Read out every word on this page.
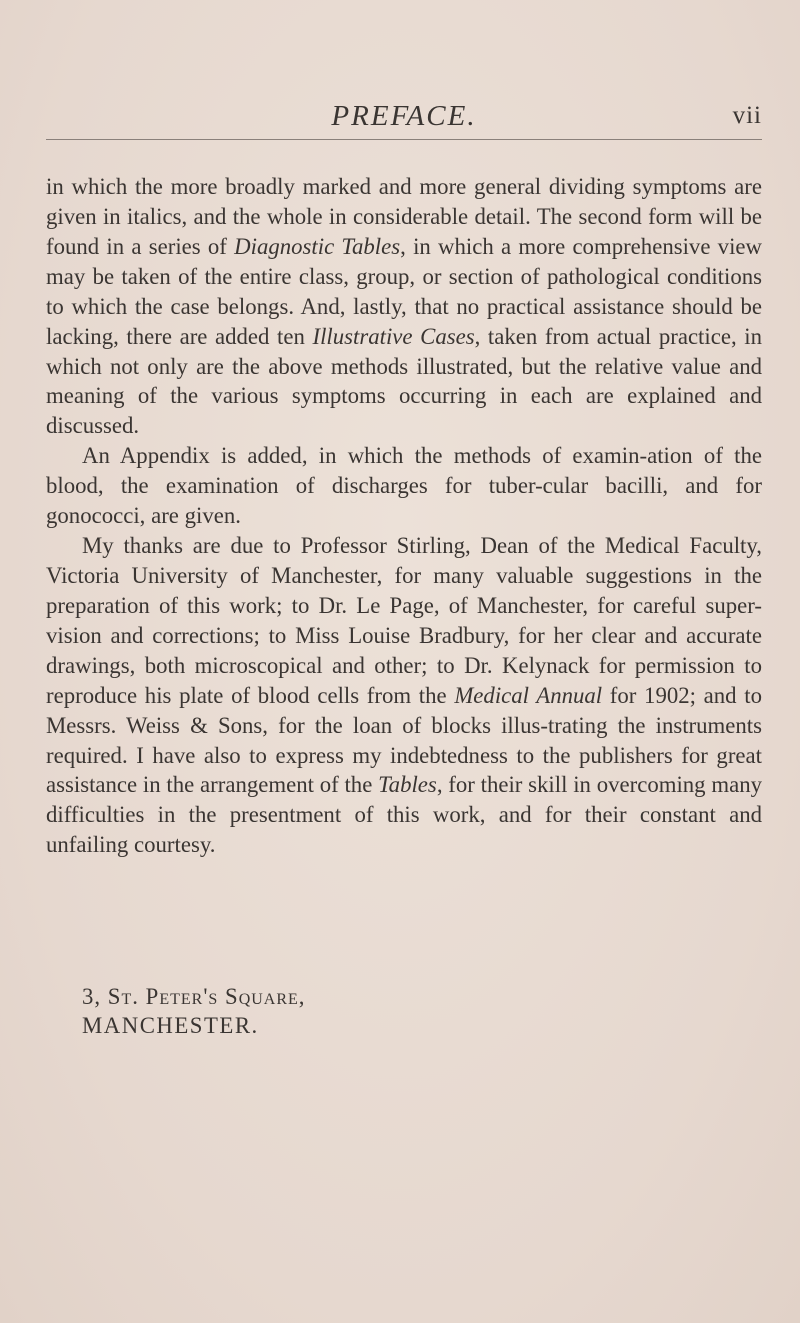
PREFACE.	vii

in which the more broadly marked and more general dividing symptoms are given in italics, and the whole in considerable detail. The second form will be found in a series of Diagnostic Tables, in which a more comprehensive view may be taken of the entire class, group, or section of pathological conditions to which the case belongs. And, lastly, that no practical assistance should be lacking, there are added ten Illustrative Cases, taken from actual practice, in which not only are the above methods illustrated, but the relative value and meaning of the various symptoms occurring in each are explained and discussed.

An Appendix is added, in which the methods of examin-ation of the blood, the examination of discharges for tuber-cular bacilli, and for gonococci, are given.

My thanks are due to Professor Stirling, Dean of the Medical Faculty, Victoria University of Manchester, for many valuable suggestions in the preparation of this work; to Dr. Le Page, of Manchester, for careful super-vision and corrections; to Miss Louise Bradbury, for her clear and accurate drawings, both microscopical and other; to Dr. Kelynack for permission to reproduce his plate of blood cells from the Medical Annual for 1902; and to Messrs. Weiss & Sons, for the loan of blocks illus-trating the instruments required. I have also to express my indebtedness to the publishers for great assistance in the arrangement of the Tables, for their skill in overcoming many difficulties in the presentment of this work, and for their constant and unfailing courtesy.

3, St. Peter's Square,
MANCHESTER.
